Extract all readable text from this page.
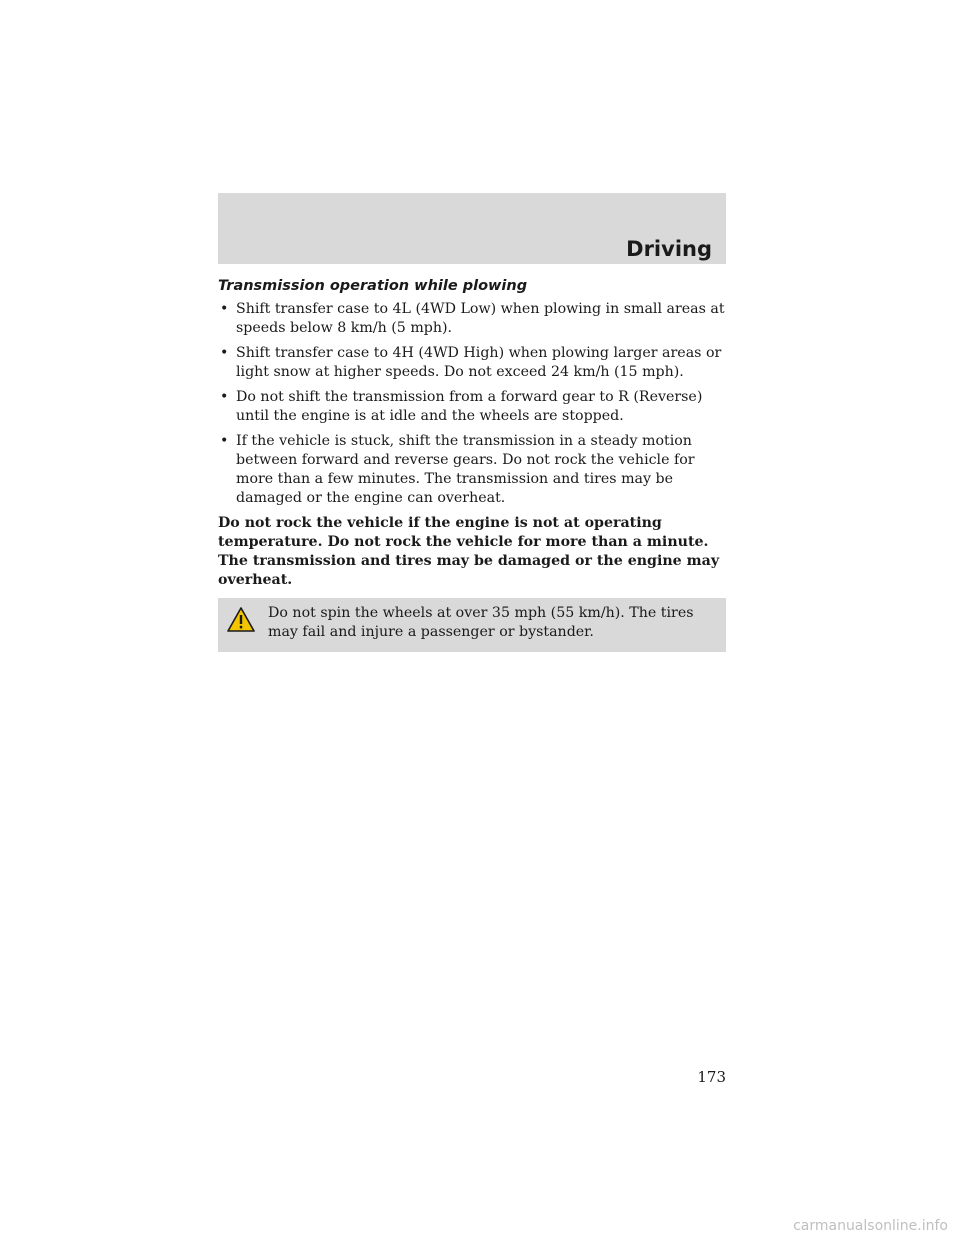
Driving
Transmission operation while plowing
• Shift transfer case to 4L (4WD Low) when plowing in small areas at speeds below 8 km/h (5 mph).
• Shift transfer case to 4H (4WD High) when plowing larger areas or light snow at higher speeds. Do not exceed 24 km/h (15 mph).
• Do not shift the transmission from a forward gear to R (Reverse) until the engine is at idle and the wheels are stopped.
• If the vehicle is stuck, shift the transmission in a steady motion between forward and reverse gears. Do not rock the vehicle for more than a few minutes. The transmission and tires may be damaged or the engine can overheat.

Do not rock the vehicle if the engine is not at operating temperature. Do not rock the vehicle for more than a minute. The transmission and tires may be damaged or the engine may overheat.

Do not spin the wheels at over 35 mph (55 km/h). The tires may fail and injure a passenger or bystander.
173
carmanualsonline.info
